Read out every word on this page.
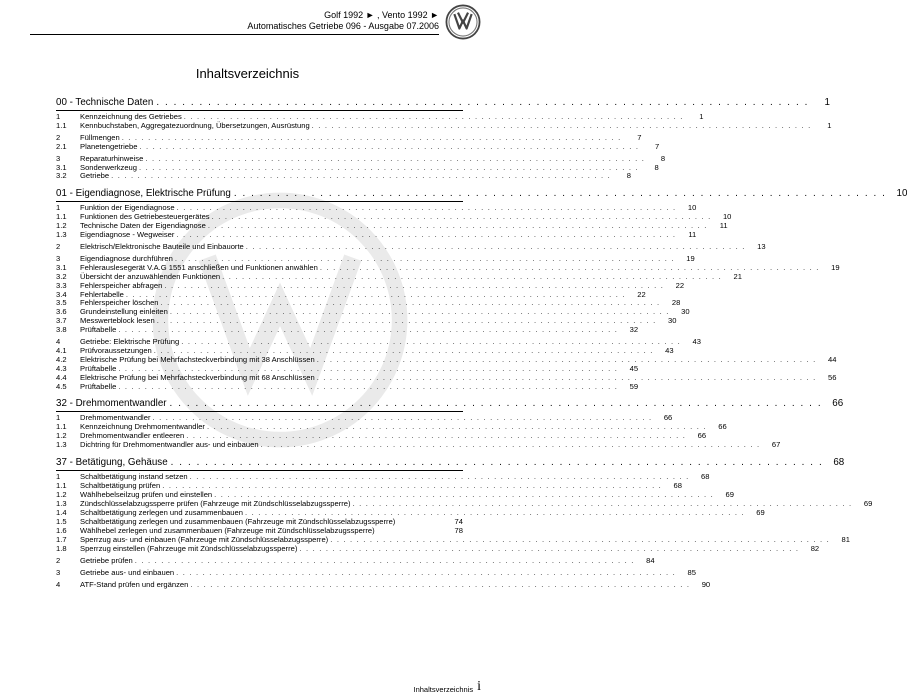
Golf 1992 ► , Vento 1992 ►
Automatisches Getriebe 096 - Ausgabe 07.2006
Inhaltsverzeichnis
00 - Technische Daten . . . . . . . . . . . . . . . . . . . . . . . . . . . . . . . . . . . . . . . . . . . . . . . . . . . . . . . . . . . . . . . . . . . . . . . . . . . .	1
1	Kennzeichnung des Getriebes . . . . . . . . . . . . . . . . . . . . . . . . . . . . . . . . . . . . . . . . . . . . . . . . . . . . . . . . . . . . . . . . . . . . . . . . . . . .	1
1.1	Kennbuchstaben, Aggregatezuordnung, Übersetzungen, Ausrüstung . . . . . . . . . . . . . . . . . . . . . . . . . . . . . . . . . . . . . . . . . . . . . . . . . . . . . . . . . . . . . . . . . . . . . . . . . . . .	1
2	Füllmengen . . . . . . . . . . . . . . . . . . . . . . . . . . . . . . . . . . . . . . . . . . . . . . . . . . . . . . . . . . . . . . . . . . . . . . . . . . . .	7
2.1	Planetengetriebe . . . . . . . . . . . . . . . . . . . . . . . . . . . . . . . . . . . . . . . . . . . . . . . . . . . . . . . . . . . . . . . . . . . . . . . . . . . .	7
3	Reparaturhinweise . . . . . . . . . . . . . . . . . . . . . . . . . . . . . . . . . . . . . . . . . . . . . . . . . . . . . . . . . . . . . . . . . . . . . . . . . . . .	8
3.1	Sonderwerkzeug . . . . . . . . . . . . . . . . . . . . . . . . . . . . . . . . . . . . . . . . . . . . . . . . . . . . . . . . . . . . . . . . . . . . . . . . . . . .	8
3.2	Getriebe . . . . . . . . . . . . . . . . . . . . . . . . . . . . . . . . . . . . . . . . . . . . . . . . . . . . . . . . . . . . . . . . . . . . . . . . . . . .	8
01 - Eigendiagnose, Elektrische Prüfung . . . . . . . . . . . . . . . . . . . . . . . . . . . . . . . . . . . . . . . . . . . . . . . . . . . . . . . . . . . . . . . . . . . . . . . . . . . .	10
1	Funktion der Eigendiagnose . . . . . . . . . . . . . . . . . . . . . . . . . . . . . . . . . . . . . . . . . . . . . . . . . . . . . . . . . . . . . . . . . . . . . . . . . . . .	10
1.1	Funktionen des Getriebesteuergerätes . . . . . . . . . . . . . . . . . . . . . . . . . . . . . . . . . . . . . . . . . . . . . . . . . . . . . . . . . . . . . . . . . . . . . . . . . . . .	10
1.2	Technische Daten der Eigendiagnose . . . . . . . . . . . . . . . . . . . . . . . . . . . . . . . . . . . . . . . . . . . . . . . . . . . . . . . . . . . . . . . . . . . . . . . . . . . .	11
1.3	Eigendiagnose - Wegweiser . . . . . . . . . . . . . . . . . . . . . . . . . . . . . . . . . . . . . . . . . . . . . . . . . . . . . . . . . . . . . . . . . . . . . . . . . . . .	11
2	Elektrisch/Elektronische Bauteile und Einbauorte . . . . . . . . . . . . . . . . . . . . . . . . . . . . . . . . . . . . . . . . . . . . . . . . . . . . . . . . . . . . . . . . . . . . . . . . . . . .	13
3	Eigendiagnose durchführen . . . . . . . . . . . . . . . . . . . . . . . . . . . . . . . . . . . . . . . . . . . . . . . . . . . . . . . . . . . . . . . . . . . . . . . . . . . .	19
3.1	Fehlerauslesegerät V.A.G 1551 anschließen und Funktionen anwählen . . . . . . . . . . . . . . . . . . . . . . . . . . . . . . . . . . . . . . . . . . . . . . . . . . . . . . . . . . . . . . . . . . . . . . . . . . . .	19
3.2	Übersicht der anzuwählenden Funktionen . . . . . . . . . . . . . . . . . . . . . . . . . . . . . . . . . . . . . . . . . . . . . . . . . . . . . . . . . . . . . . . . . . . . . . . . . . . .	21
3.3	Fehlerspeicher abfragen . . . . . . . . . . . . . . . . . . . . . . . . . . . . . . . . . . . . . . . . . . . . . . . . . . . . . . . . . . . . . . . . . . . . . . . . . . . .	22
3.4	Fehlertabelle . . . . . . . . . . . . . . . . . . . . . . . . . . . . . . . . . . . . . . . . . . . . . . . . . . . . . . . . . . . . . . . . . . . . . . . . . . . .	22
3.5	Fehlerspeicher löschen . . . . . . . . . . . . . . . . . . . . . . . . . . . . . . . . . . . . . . . . . . . . . . . . . . . . . . . . . . . . . . . . . . . . . . . . . . . .	28
3.6	Grundeinstellung einleiten . . . . . . . . . . . . . . . . . . . . . . . . . . . . . . . . . . . . . . . . . . . . . . . . . . . . . . . . . . . . . . . . . . . . . . . . . . . .	30
3.7	Messwerteblock lesen . . . . . . . . . . . . . . . . . . . . . . . . . . . . . . . . . . . . . . . . . . . . . . . . . . . . . . . . . . . . . . . . . . . . . . . . . . . .	30
3.8	Prüftabelle . . . . . . . . . . . . . . . . . . . . . . . . . . . . . . . . . . . . . . . . . . . . . . . . . . . . . . . . . . . . . . . . . . . . . . . . . . . .	32
4	Getriebe: Elektrische Prüfung . . . . . . . . . . . . . . . . . . . . . . . . . . . . . . . . . . . . . . . . . . . . . . . . . . . . . . . . . . . . . . . . . . . . . . . . . . . .	43
4.1	Prüfvoraussetzungen . . . . . . . . . . . . . . . . . . . . . . . . . . . . . . . . . . . . . . . . . . . . . . . . . . . . . . . . . . . . . . . . . . . . . . . . . . . .	43
4.2	Elektrische Prüfung bei Mehrfachsteckverbindung mit 38 Anschlüssen . . . . . . . . . . . . . . . . . . . . . . . . . . . . . . . . . . . . . . . . . . . . . . . . . . . . . . . . . . . . . . . . . . . . . . . . . . . .	44
4.3	Prüftabelle . . . . . . . . . . . . . . . . . . . . . . . . . . . . . . . . . . . . . . . . . . . . . . . . . . . . . . . . . . . . . . . . . . . . . . . . . . . .	45
4.4	Elektrische Prüfung bei Mehrfachsteckverbindung mit 68 Anschlüssen . . . . . . . . . . . . . . . . . . . . . . . . . . . . . . . . . . . . . . . . . . . . . . . . . . . . . . . . . . . . . . . . . . . . . . . . . . . .	56
4.5	Prüftabelle . . . . . . . . . . . . . . . . . . . . . . . . . . . . . . . . . . . . . . . . . . . . . . . . . . . . . . . . . . . . . . . . . . . . . . . . . . . .	59
32 - Drehmomentwandler . . . . . . . . . . . . . . . . . . . . . . . . . . . . . . . . . . . . . . . . . . . . . . . . . . . . . . . . . . . . . . . . . . . . . . . . . . . .	66
1	Drehmomentwandler . . . . . . . . . . . . . . . . . . . . . . . . . . . . . . . . . . . . . . . . . . . . . . . . . . . . . . . . . . . . . . . . . . . . . . . . . . . .	66
1.1	Kennzeichnung Drehmomentwandler . . . . . . . . . . . . . . . . . . . . . . . . . . . . . . . . . . . . . . . . . . . . . . . . . . . . . . . . . . . . . . . . . . . . . . . . . . . .	66
1.2	Drehmomentwandler entleeren . . . . . . . . . . . . . . . . . . . . . . . . . . . . . . . . . . . . . . . . . . . . . . . . . . . . . . . . . . . . . . . . . . . . . . . . . . . .	66
1.3	Dichtring für Drehmomentwandler aus- und einbauen . . . . . . . . . . . . . . . . . . . . . . . . . . . . . . . . . . . . . . . . . . . . . . . . . . . . . . . . . . . . . . . . . . . . . . . . . . . .	67
37 - Betätigung, Gehäuse . . . . . . . . . . . . . . . . . . . . . . . . . . . . . . . . . . . . . . . . . . . . . . . . . . . . . . . . . . . . . . . . . . . . . . . . . . . .	68
1	Schaltbetätigung instand setzen . . . . . . . . . . . . . . . . . . . . . . . . . . . . . . . . . . . . . . . . . . . . . . . . . . . . . . . . . . . . . . . . . . . . . . . . . . . .	68
1.1	Schaltbetätigung prüfen . . . . . . . . . . . . . . . . . . . . . . . . . . . . . . . . . . . . . . . . . . . . . . . . . . . . . . . . . . . . . . . . . . . . . . . . . . . .	68
1.2	Wählhebelseilzug prüfen und einstellen . . . . . . . . . . . . . . . . . . . . . . . . . . . . . . . . . . . . . . . . . . . . . . . . . . . . . . . . . . . . . . . . . . . . . . . . . . . .	69
1.3	Zündschlüsselabzugssperre prüfen (Fahrzeuge mit Zündschlüsselabzugssperre) . . . . . . . . . . . . . . . . . . . . . . . . . . . . . . . . . . . . . . . . . . . . . . . . . . . . . . . . . . . . . . . . . . . . . . . . . . . .	69
1.4	Schaltbetätigung zerlegen und zusammenbauen . . . . . . . . . . . . . . . . . . . . . . . . . . . . . . . . . . . . . . . . . . . . . . . . . . . . . . . . . . . . . . . . . . . . . . . . . . . .	69
1.5	Schaltbetätigung zerlegen und zusammenbauen (Fahrzeuge mit Zündschlüsselabzugssperre)	74
1.6	Wählhebel zerlegen und zusammenbauen (Fahrzeuge mit Zündschlüsselabzugssperre)	78
1.7	Sperrzug aus- und einbauen (Fahrzeuge mit Zündschlüsselabzugssperre) . . . . . . . . . . . . . . . . . . . . . . . . . . . . . . . . . . . . . . . . . . . . . . . . . . . . . . . . . . . . . . . . . . . . . . . . . . . .	81
1.8	Sperrzug einstellen (Fahrzeuge mit Zündschlüsselabzugssperre) . . . . . . . . . . . . . . . . . . . . . . . . . . . . . . . . . . . . . . . . . . . . . . . . . . . . . . . . . . . . . . . . . . . . . . . . . . . .	82
2	Getriebe prüfen . . . . . . . . . . . . . . . . . . . . . . . . . . . . . . . . . . . . . . . . . . . . . . . . . . . . . . . . . . . . . . . . . . . . . . . . . . . .	84
3	Getriebe aus- und einbauen . . . . . . . . . . . . . . . . . . . . . . . . . . . . . . . . . . . . . . . . . . . . . . . . . . . . . . . . . . . . . . . . . . . . . . . . . . . .	85
4	ATF-Stand prüfen und ergänzen . . . . . . . . . . . . . . . . . . . . . . . . . . . . . . . . . . . . . . . . . . . . . . . . . . . . . . . . . . . . . . . . . . . . . . . . . . . .	90
Inhaltsverzeichnis i
